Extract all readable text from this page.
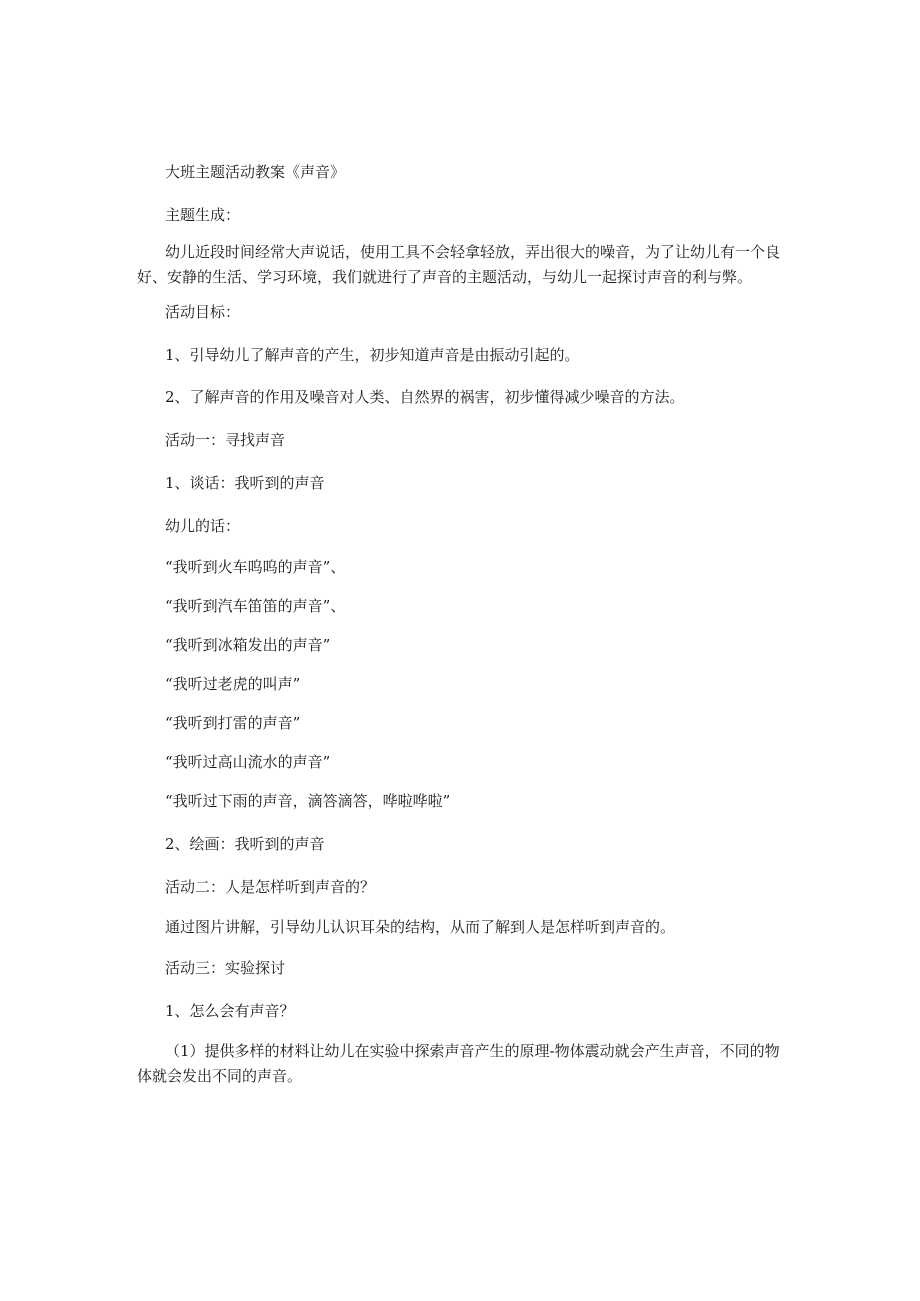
大班主题活动教案《声音》
主题生成：
幼儿近段时间经常大声说话，使用工具不会轻拿轻放，弄出很大的噪音，为了让幼儿有一个良好、安静的生活、学习环境，我们就进行了声音的主题活动，与幼儿一起探讨声音的利与弊。
活动目标：
1、引导幼儿了解声音的产生，初步知道声音是由振动引起的。
2、了解声音的作用及噪音对人类、自然界的祸害，初步懂得减少噪音的方法。
活动一：寻找声音
1、谈话：我听到的声音
幼儿的话：
“我听到火车呜呜的声音”、
“我听到汽车笛笛的声音”、
“我听到冰箱发出的声音”
“我听过老虎的叫声”
“我听到打雷的声音”
“我听过高山流水的声音”
“我听过下雨的声音，滴答滴答，哗啦哗啦”
2、绘画：我听到的声音
活动二：人是怎样听到声音的？
通过图片讲解，引导幼儿认识耳朵的结构，从而了解到人是怎样听到声音的。
活动三：实验探讨
1、怎么会有声音？
（1）提供多样的材料让幼儿在实验中探索声音产生的原理-物体震动就会产生声音，不同的物体就会发出不同的声音。
